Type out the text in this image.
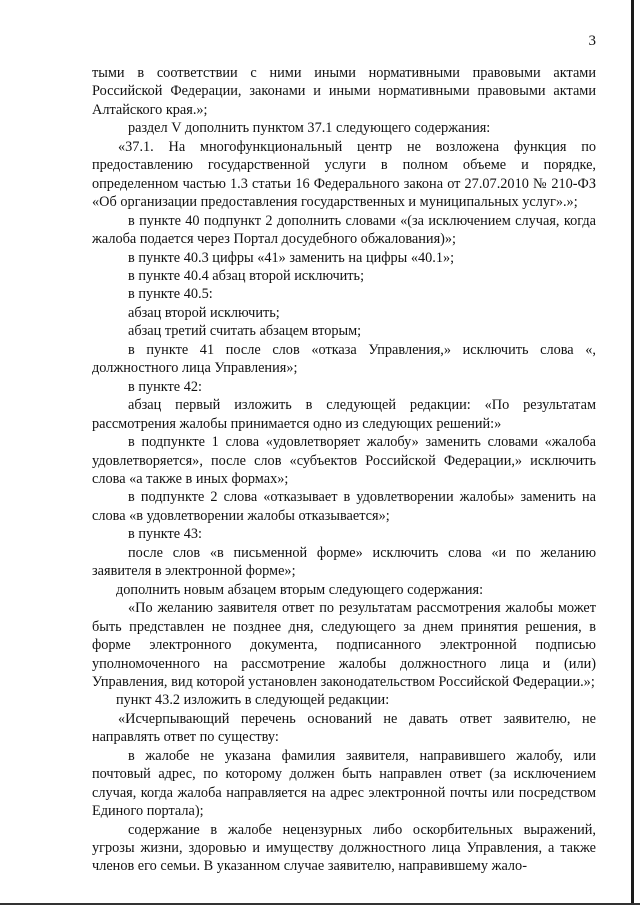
3

тыми в соответствии с ними иными нормативными правовыми актами Российской Федерации, законами и иными нормативными правовыми актами Алтайского края.»;

раздел V дополнить пунктом 37.1 следующего содержания:

«37.1. На многофункциональный центр не возложена функция по предоставлению государственной услуги в полном объеме и порядке, определенном частью 1.3 статьи 16 Федерального закона от 27.07.2010 № 210-ФЗ «Об организации предоставления государственных и муниципальных услуг».»;

в пункте 40 подпункт 2 дополнить словами «(за исключением случая, когда жалоба подается через Портал досудебного обжалования)»;

в пункте 40.3 цифры «41» заменить на цифры «40.1»;

в пункте 40.4 абзац второй исключить;

в пункте 40.5:

абзац второй исключить;

абзац третий считать абзацем вторым;

в пункте 41 после слов «отказа Управления,» исключить слова «, должностного лица Управления»;

в пункте 42:

абзац первый изложить в следующей редакции: «По результатам рассмотрения жалобы принимается одно из следующих решений:»

в подпункте 1 слова «удовлетворяет жалобу» заменить словами «жалоба удовлетворяется», после слов «субъектов Российской Федерации,» исключить слова «а также в иных формах»;

в подпункте 2 слова «отказывает в удовлетворении жалобы» заменить на слова «в удовлетворении жалобы отказывается»;

в пункте 43:

после слов «в письменной форме» исключить слова «и по желанию заявителя в электронной форме»;

дополнить новым абзацем вторым следующего содержания:

«По желанию заявителя ответ по результатам рассмотрения жалобы может быть представлен не позднее дня, следующего за днем принятия решения, в форме электронного документа, подписанного электронной подписью уполномоченного на рассмотрение жалобы должностного лица и (или) Управления, вид которой установлен законодательством Российской Федерации.»;

пункт 43.2 изложить в следующей редакции:

«Исчерпывающий перечень оснований не давать ответ заявителю, не направлять ответ по существу:

в жалобе не указана фамилия заявителя, направившего жалобу, или почтовый адрес, по которому должен быть направлен ответ (за исключением случая, когда жалоба направляется на адрес электронной почты или посредством Единого портала);

содержание в жалобе нецензурных либо оскорбительных выражений, угрозы жизни, здоровью и имуществу должностного лица Управления, а также членов его семьи. В указанном случае заявителю, направившему жало-
